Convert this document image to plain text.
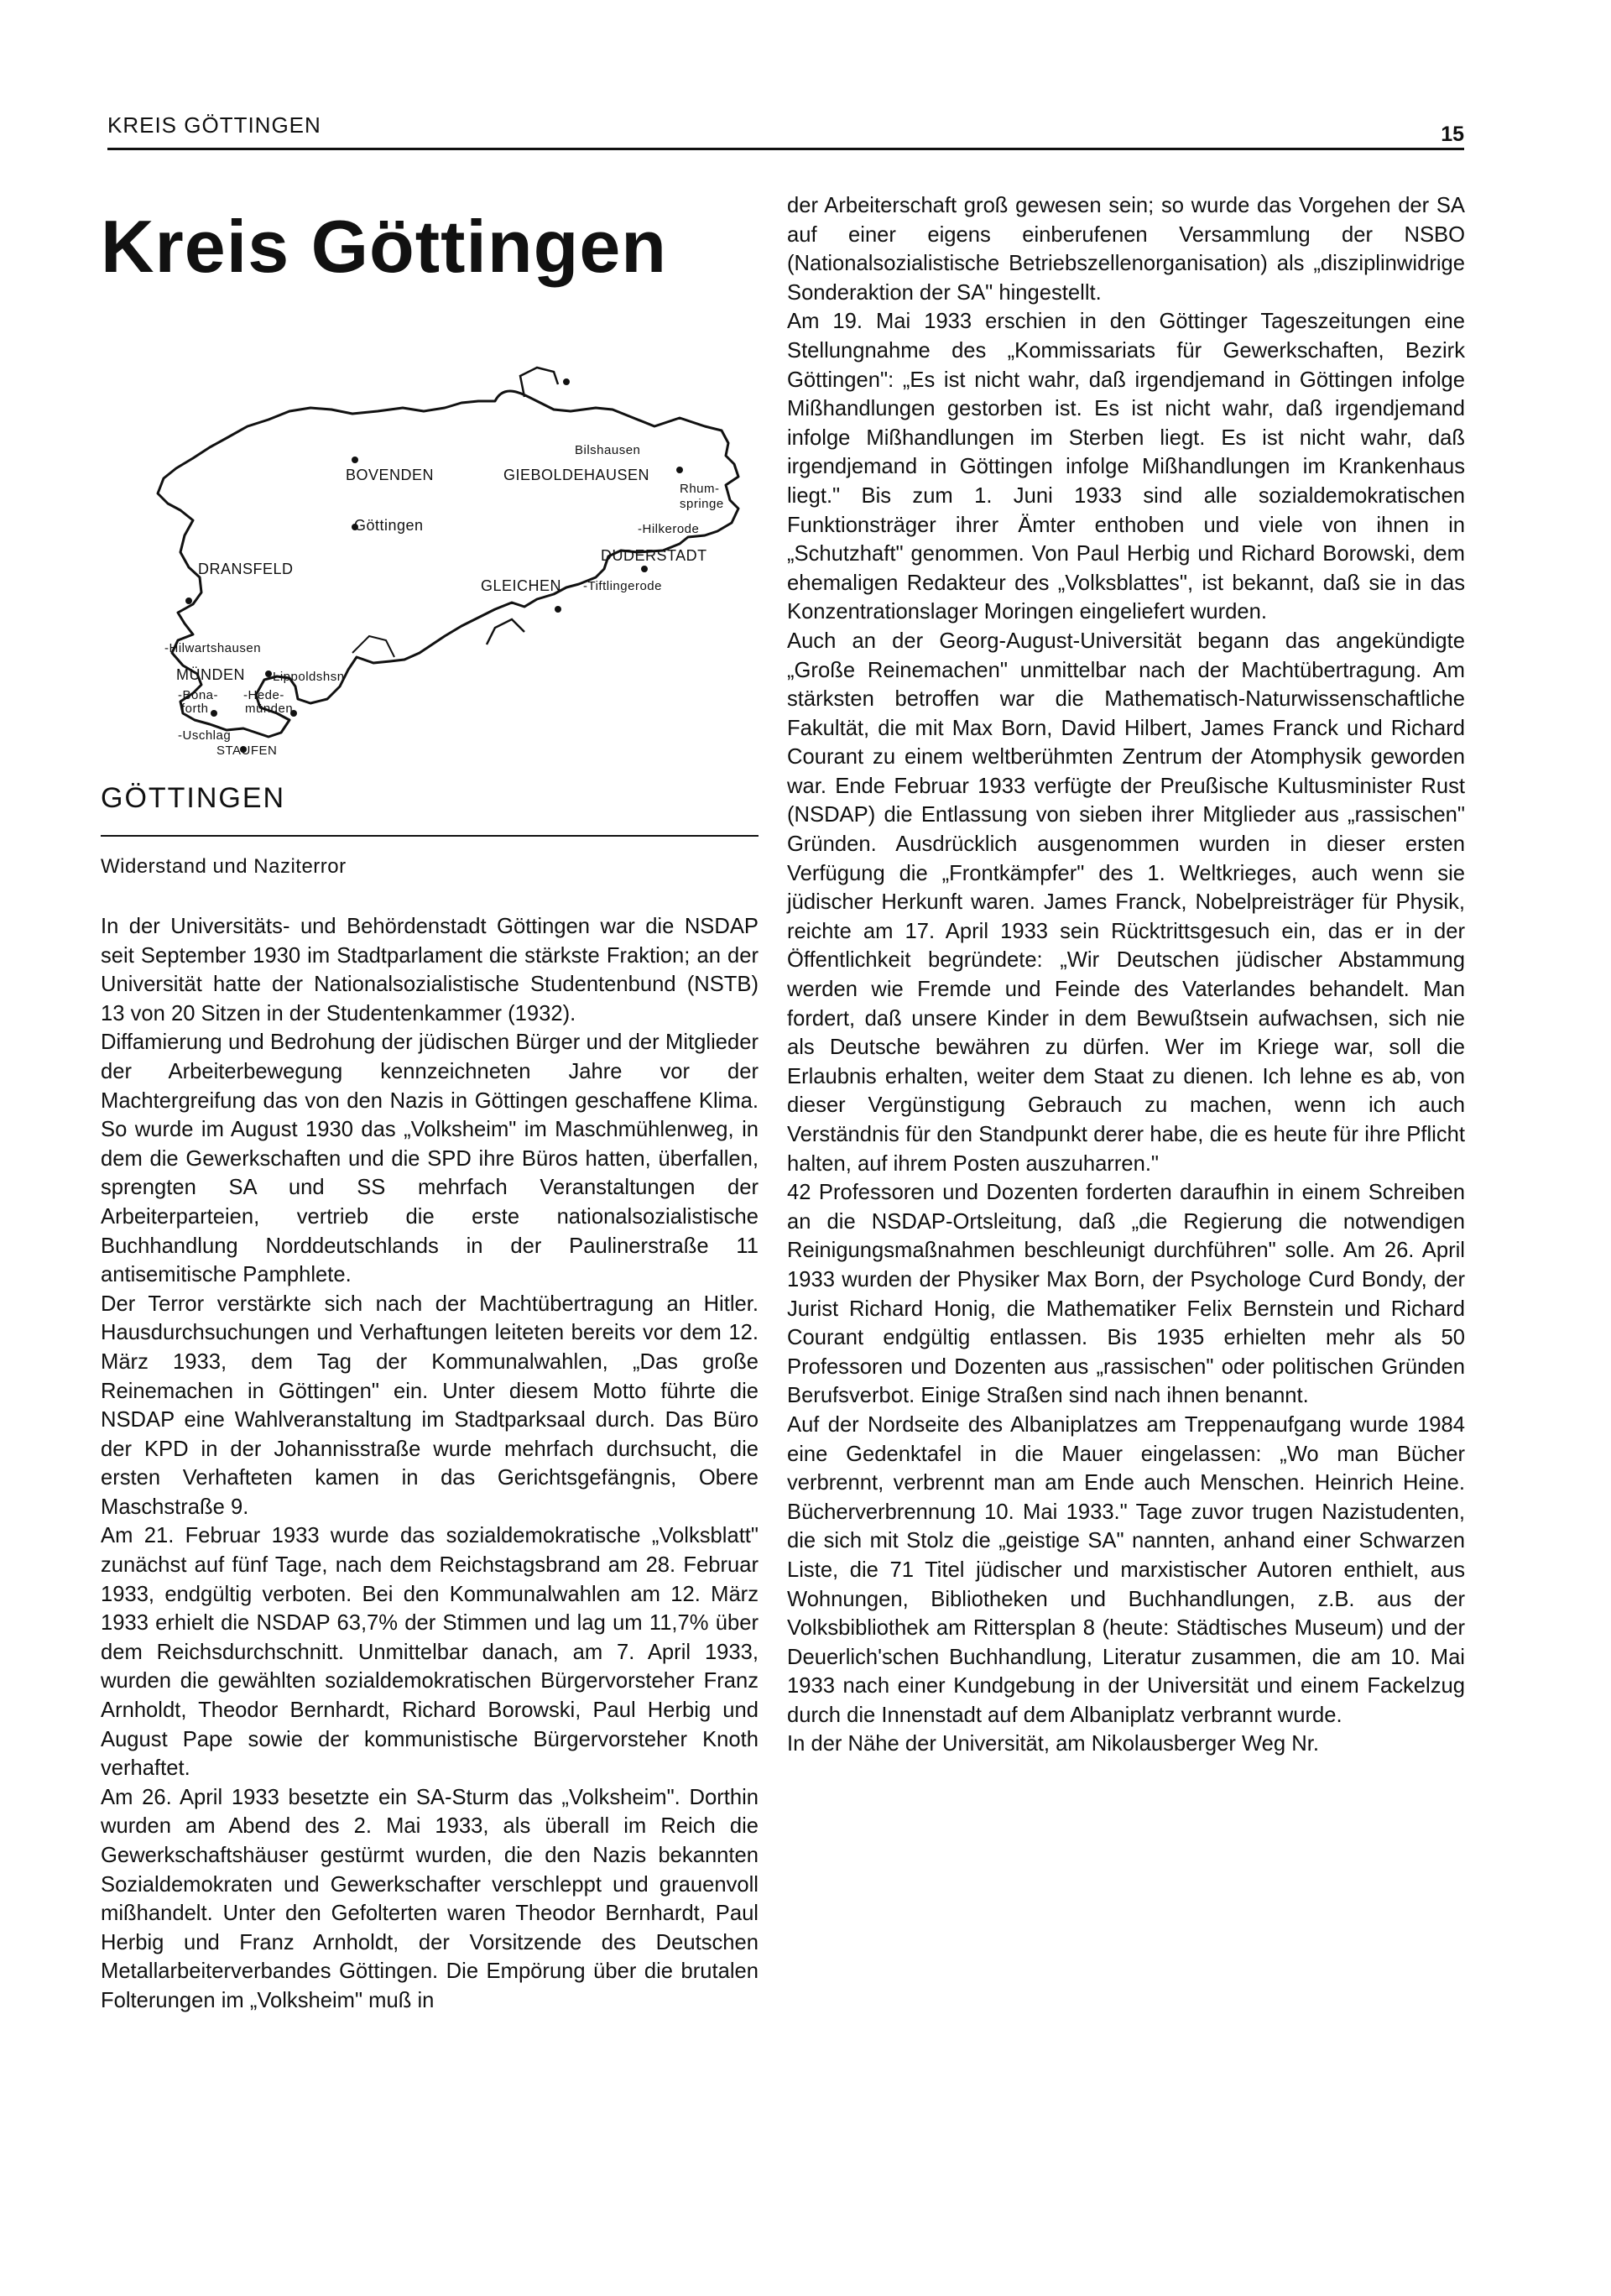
KREIS GÖTTINGEN	15
Kreis Göttingen
Bilshausen
BOVENDEN	GIEBOLDEHAUSEN
Rhum-
springe
Göttingen	-Hilkerode
DRANSFELD
DUDERSTADT
GLEICHEN -Tiftlingerode
-Hilwartshausen
MÜNDEN Lippoldshsn
-Bona-
forth
-Hede-
münden
-Uschlag
STAUFEN
GÖTTINGEN
Widerstand und Naziterror

In der Universitäts- und Behördenstadt Göttingen war die NSDAP seit September 1930 im Stadtparlament die stärkste Fraktion; an der Universität hatte der Nationalsozialistische Studentenbund (NSTB) 13 von 20 Sitzen in der Studentenkammer (1932).

Diffamierung und Bedrohung der jüdischen Bürger und der Mitglieder der Arbeiterbewegung kennzeichneten Jahre vor der Machtergreifung das von den Nazis in Göttingen geschaffene Klima. So wurde im August 1930 das „Volksheim" im Maschmühlenweg, in dem die Gewerkschaften und die SPD ihre Büros hatten, überfallen, sprengten SA und SS mehrfach Veranstaltungen der Arbeiterparteien, vertrieb die erste nationalsozialistische Buchhandlung Norddeutschlands in der Paulinerstraße 11 antisemitische Pamphlete.

Der Terror verstärkte sich nach der Machtübertragung an Hitler. Hausdurchsuchungen und Verhaftungen leiteten bereits vor dem 12. März 1933, dem Tag der Kommunalwahlen, „Das große Reinemachen in Göttingen" ein. Unter diesem Motto führte die NSDAP eine Wahlveranstaltung im Stadtparksaal durch. Das Büro der KPD in der Johannisstraße wurde mehrfach durchsucht, die ersten Verhafteten kamen in das Gerichtsgefängnis, Obere Maschstraße 9.

Am 21. Februar 1933 wurde das sozialdemokratische „Volksblatt" zunächst auf fünf Tage, nach dem Reichstagsbrand am 28. Februar 1933, endgültig verboten. Bei den Kommunalwahlen am 12. März 1933 erhielt die NSDAP 63,7% der Stimmen und lag um 11,7% über dem Reichsdurchschnitt. Unmittelbar danach, am 7. April 1933, wurden die gewählten sozialdemokratischen Bürgervorsteher Franz Arnholdt, Theodor Bernhardt, Richard Borowski, Paul Herbig und August Pape sowie der kommunistische Bürgervorsteher Knoth verhaftet.

Am 26. April 1933 besetzte ein SA-Sturm das „Volksheim". Dorthin wurden am Abend des 2. Mai 1933, als überall im Reich die Gewerkschaftshäuser gestürmt wurden, die den Nazis bekannten Sozialdemokraten und Gewerkschafter verschleppt und grauenvoll mißhandelt. Unter den Gefolterten waren Theodor Bernhardt, Paul Herbig und Franz Arnholdt, der Vorsitzende des Deutschen Metallarbeiterverbandes Göttingen. Die Empörung über die brutalen Folterungen im „Volksheim" muß in

der Arbeiterschaft groß gewesen sein; so wurde das Vorgehen der SA auf einer eigens einberufenen Versammlung der NSBO (Nationalsozialistische Betriebszellenorganisation) als „disziplinwidrige Sonderaktion der SA" hingestellt.

Am 19. Mai 1933 erschien in den Göttinger Tageszeitungen eine Stellungnahme des „Kommissariats für Gewerkschaften, Bezirk Göttingen": „Es ist nicht wahr, daß irgendjemand in Göttingen infolge Mißhandlungen gestorben ist. Es ist nicht wahr, daß irgendjemand infolge Mißhandlungen im Sterben liegt. Es ist nicht wahr, daß irgendjemand in Göttingen infolge Mißhandlungen im Krankenhaus liegt." Bis zum 1. Juni 1933 sind alle sozialdemokratischen Funktionsträger ihrer Ämter enthoben und viele von ihnen in „Schutzhaft" genommen. Von Paul Herbig und Richard Borowski, dem ehemaligen Redakteur des „Volksblattes", ist bekannt, daß sie in das Konzentrationslager Moringen eingeliefert wurden.

Auch an der Georg-August-Universität begann das angekündigte „Große Reinemachen" unmittelbar nach der Machtübertragung. Am stärksten betroffen war die Mathematisch-Naturwissenschaftliche Fakultät, die mit Max Born, David Hilbert, James Franck und Richard Courant zu einem weltberühmten Zentrum der Atomphysik geworden war. Ende Februar 1933 verfügte der Preußische Kultusminister Rust (NSDAP) die Entlassung von sieben ihrer Mitglieder aus „rassischen" Gründen. Ausdrücklich ausgenommen wurden in dieser ersten Verfügung die „Frontkämpfer" des 1. Weltkrieges, auch wenn sie jüdischer Herkunft waren. James Franck, Nobelpreisträger für Physik, reichte am 17. April 1933 sein Rücktrittsgesuch ein, das er in der Öffentlichkeit begründete: „Wir Deutschen jüdischer Abstammung werden wie Fremde und Feinde des Vaterlandes behandelt. Man fordert, daß unsere Kinder in dem Bewußtsein aufwachsen, sich nie als Deutsche bewähren zu dürfen. Wer im Kriege war, soll die Erlaubnis erhalten, weiter dem Staat zu dienen. Ich lehne es ab, von dieser Vergünstigung Gebrauch zu machen, wenn ich auch Verständnis für den Standpunkt derer habe, die es heute für ihre Pflicht halten, auf ihrem Posten auszuharren."

42 Professoren und Dozenten forderten daraufhin in einem Schreiben an die NSDAP-Ortsleitung, daß „die Regierung die notwendigen Reinigungsmaßnahmen beschleunigt durchführen" solle. Am 26. April 1933 wurden der Physiker Max Born, der Psychologe Curd Bondy, der Jurist Richard Honig, die Mathematiker Felix Bernstein und Richard Courant endgültig entlassen. Bis 1935 erhielten mehr als 50 Professoren und Dozenten aus „rassischen" oder politischen Gründen Berufsverbot. Einige Straßen sind nach ihnen benannt.

Auf der Nordseite des Albaniplatzes am Treppenaufgang wurde 1984 eine Gedenktafel in die Mauer eingelassen: „Wo man Bücher verbrennt, verbrennt man am Ende auch Menschen. Heinrich Heine. Bücherverbrennung 10. Mai 1933." Tage zuvor trugen Nazistudenten, die sich mit Stolz die „geistige SA" nannten, anhand einer Schwarzen Liste, die 71 Titel jüdischer und marxistischer Autoren enthielt, aus Wohnungen, Bibliotheken und Buchhandlungen, z.B. aus der Volksbibliothek am Rittersplan 8 (heute: Städtisches Museum) und der Deuerlich'schen Buchhandlung, Literatur zusammen, die am 10. Mai 1933 nach einer Kundgebung in der Universität und einem Fackelzug durch die Innenstadt auf dem Albaniplatz verbrannt wurde.

In der Nähe der Universität, am Nikolausberger Weg Nr.
